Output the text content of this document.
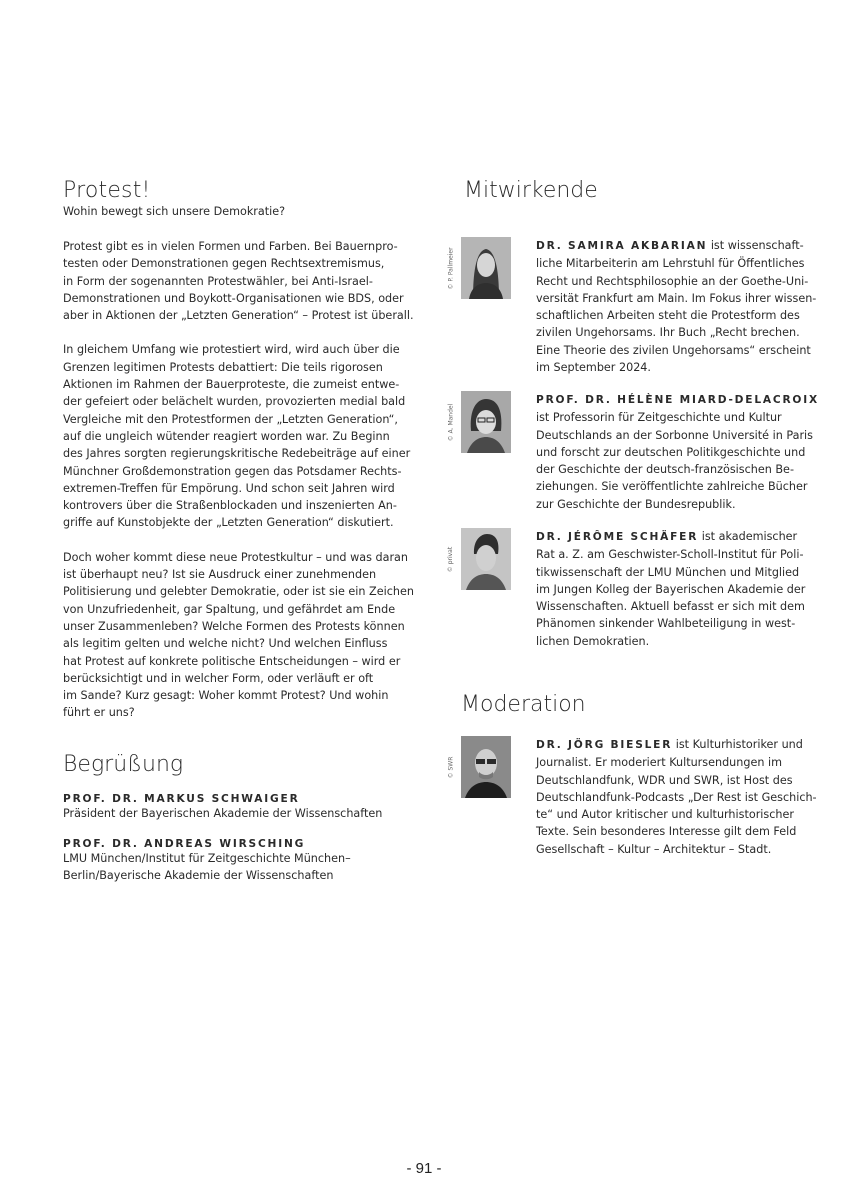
Protest!

Wohin bewegt sich unsere Demokratie?

Protest gibt es in vielen Formen und Farben. Bei Bauernpro-
testen oder Demonstrationen gegen Rechtsextremismus,
in Form der sogenannten Protestwähler, bei Anti-Israel-
Demonstrationen und Boykott-Organisationen wie BDS, oder
aber in Aktionen der „Letzten Generation“ – Protest ist überall.
In gleichem Umfang wie protestiert wird, wird auch über die
Grenzen legitimen Protests debattiert: Die teils rigorosen
Aktionen im Rahmen der Bauerproteste, die zumeist entwe-
der gefeiert oder belächelt wurden, provozierten medial bald
Vergleiche mit den Protestformen der „Letzten Generation“,
auf die ungleich wütender reagiert worden war. Zu Beginn
des Jahres sorgten regierungskritische Redebeiträge auf einer
Münchner Großdemonstration gegen das Potsdamer Rechts-
extremen-Treffen für Empörung. Und schon seit Jahren wird
kontrovers über die Straßenblockaden und inszenierten An-
griffe auf Kunstobjekte der „Letzten Generation“ diskutiert.
Doch woher kommt diese neue Protestkultur – und was daran
ist überhaupt neu? Ist sie Ausdruck einer zunehmenden
Politisierung und gelebter Demokratie, oder ist sie ein Zeichen
von Unzufriedenheit, gar Spaltung, und gefährdet am Ende
unser Zusammenleben? Welche Formen des Protests können
als legitim gelten und welche nicht? Und welchen Einfluss
hat Protest auf konkrete politische Entscheidungen – wird er
berücksichtigt und in welcher Form, oder verläuft er oft
im Sande? Kurz gesagt: Woher kommt Protest? Und wohin
führt er uns?
Begrüßung

PROF. DR. MARKUS SCHWAIGER

Präsident der Bayerischen Akademie der Wissenschaften

PROF. DR. ANDREAS WIRSCHING

LMU München/Institut für Zeitgeschichte München–
Berlin/Bayerische Akademie der Wissenschaften
Mitwirkende
© P. Pallmeier
DR. SAMIRA AKBARIAN ist wissenschaft-
liche Mitarbeiterin am Lehrstuhl für Öffentliches
Recht und Rechtsphilosophie an der Goethe-Uni-
versität Frankfurt am Main. Im Fokus ihrer wissen-
schaftlichen Arbeiten steht die Protestform des
zivilen Ungehorsams. Ihr Buch „Recht brechen.
Eine Theorie des zivilen Ungehorsams“ erscheint
im September 2024.
© A. Mandel
PROF. DR. HÉLÈNE MIARD-DELACROIX
ist Professorin für Zeitgeschichte und Kultur
Deutschlands an der Sorbonne Université in Paris
und forscht zur deutschen Politikgeschichte und
der Geschichte der deutsch-französischen Be-
ziehungen. Sie veröffentlichte zahlreiche Bücher
zur Geschichte der Bundesrepublik.
© privat
DR. JÉRÔME SCHÄFER ist akademischer
Rat a. Z. am Geschwister-Scholl-Institut für Poli-
tikwissenschaft der LMU München und Mitglied
im Jungen Kolleg der Bayerischen Akademie der
Wissenschaften. Aktuell befasst er sich mit dem
Phänomen sinkender Wahlbeteiligung in west-
lichen Demokratien.
Moderation
© SWR
DR. JÖRG BIESLER ist Kulturhistoriker und
Journalist. Er moderiert Kultursendungen im
Deutschlandfunk, WDR und SWR, ist Host des
Deutschlandfunk-Podcasts „Der Rest ist Geschich-
te“ und Autor kritischer und kulturhistorischer
Texte. Sein besonderes Interesse gilt dem Feld
Gesellschaft – Kultur – Architektur – Stadt.
- 91 -
